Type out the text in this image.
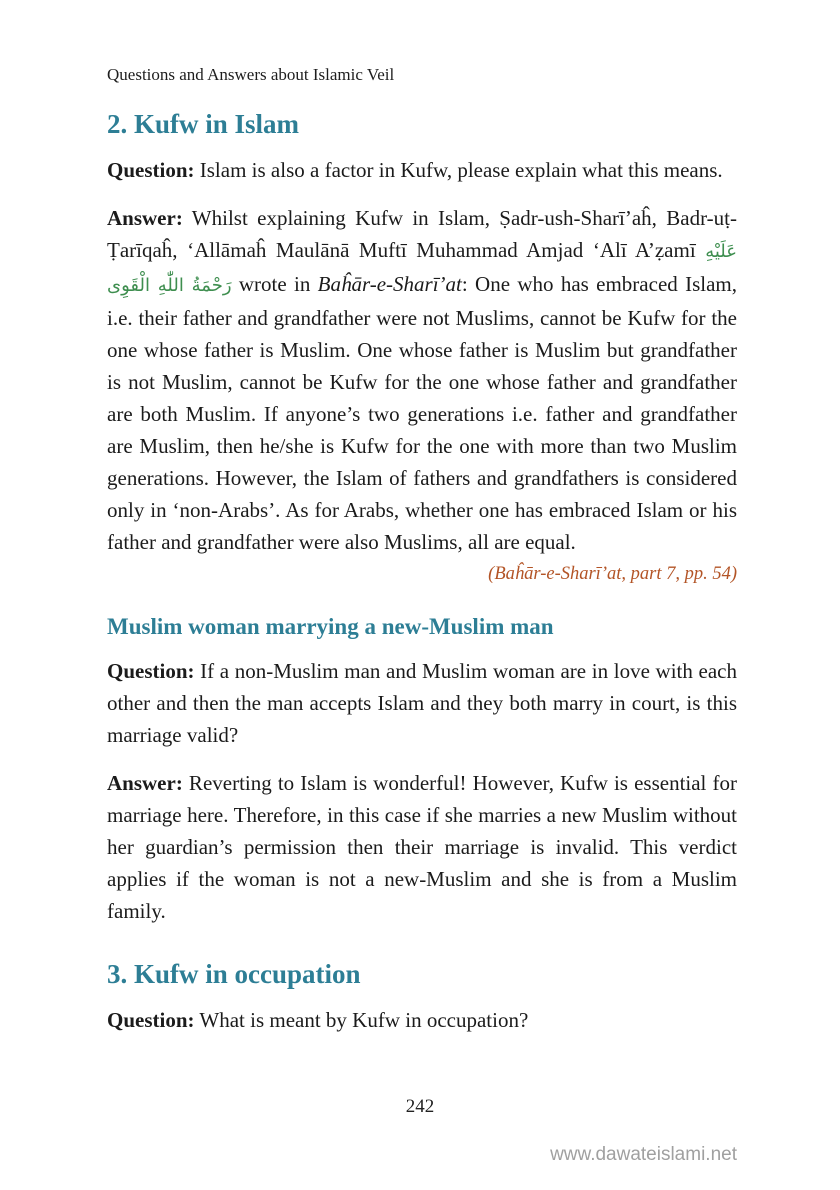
Questions and Answers about Islamic Veil
2. Kufw in Islam

Question: Islam is also a factor in Kufw, please explain what this means.

Answer: Whilst explaining Kufw in Islam, Ṣadr-ush-Sharī’aĥ, Badr-uṭ-Ṭarīqaĥ, ‘Allāmaĥ Maulānā Muftī Muhammad Amjad ‘Alī A’ẓamī عَلَيْهِ رَحْمَةُ اللّٰهِ الْقَوِى wrote in Baĥār-e-Sharī’at: One who has embraced Islam, i.e. their father and grandfather were not Muslims, cannot be Kufw for the one whose father is Muslim. One whose father is Muslim but grandfather is not Muslim, cannot be Kufw for the one whose father and grandfather are both Muslim. If anyone’s two generations i.e. father and grandfather are Muslim, then he/she is Kufw for the one with more than two Muslim generations. However, the Islam of fathers and grandfathers is considered only in ‘non-Arabs’. As for Arabs, whether one has embraced Islam or his father and grandfather were also Muslims, all are equal.

(Baĥār-e-Sharī’at, part 7, pp. 54)

Muslim woman marrying a new-Muslim man

Question: If a non-Muslim man and Muslim woman are in love with each other and then the man accepts Islam and they both marry in court, is this marriage valid?

Answer: Reverting to Islam is wonderful! However, Kufw is essential for marriage here. Therefore, in this case if she marries a new Muslim without her guardian’s permission then their marriage is invalid. This verdict applies if the woman is not a new-Muslim and she is from a Muslim family.

3. Kufw in occupation

Question: What is meant by Kufw in occupation?

242
www.dawateislami.net
